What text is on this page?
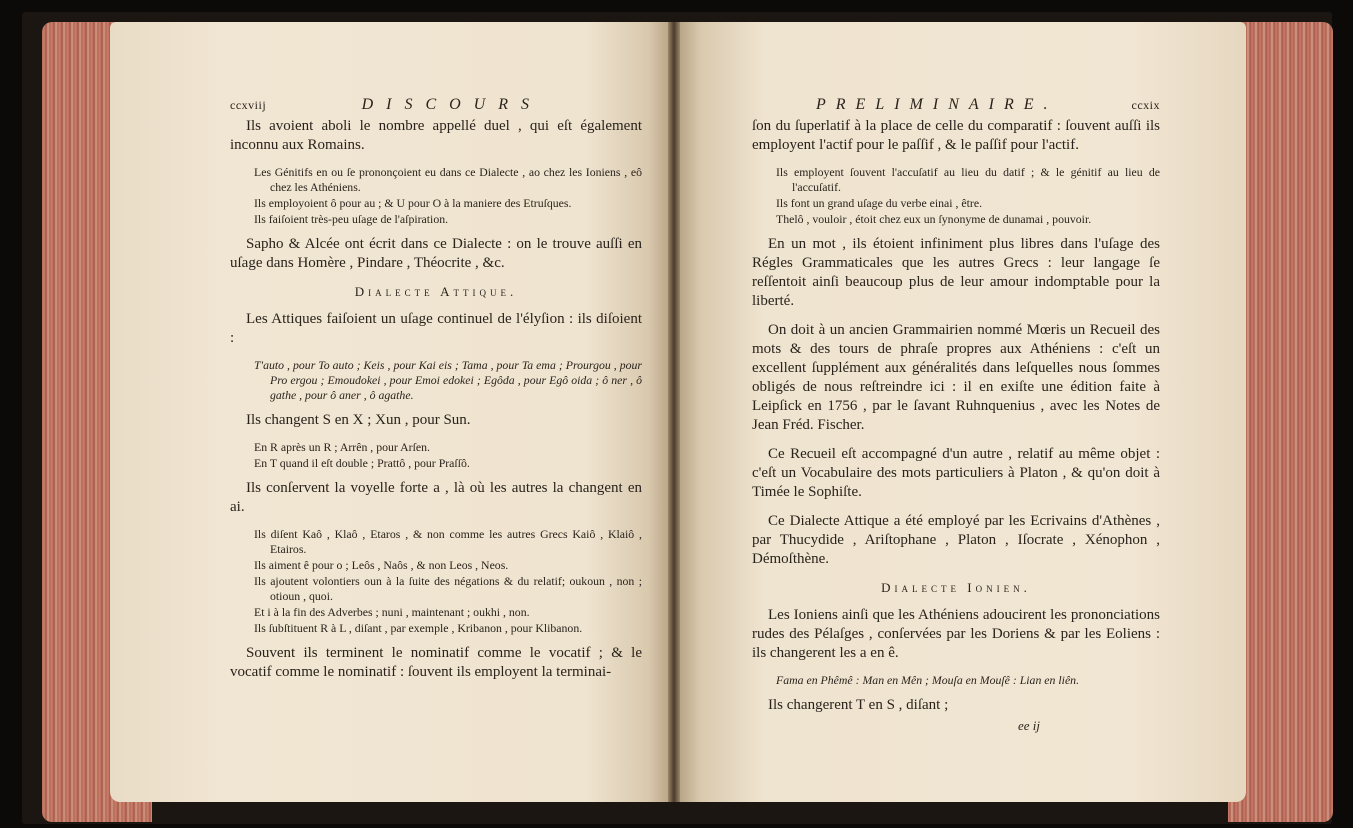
ccxviij	DISCOURS

Ils avoient aboli le nombre appellé duel , qui eſt également inconnu aux Romains.

Les Génitifs en ou ſe prononçoient eu dans ce Dialecte , ao chez les Ioniens , eô chez les Athéniens.

Ils employoient ô pour au ; & U pour O à la maniere des Etruſques.

Ils faiſoient très-peu uſage de l'aſpiration.

Sapho & Alcée ont écrit dans ce Dialecte : on le trouve auſſi en uſage dans Homère , Pindare , Théocrite , &c.

Dialecte Attique.

Les Attiques faiſoient un uſage continuel de l'élyſion : ils diſoient :

T'auto , pour To auto ; Keis , pour Kai eis ; Tama , pour Ta ema ; Prourgou , pour Pro ergou ; Emoudokei , pour Emoi edokei ; Egôda , pour Egô oida ; ô ner , ô gathe , pour ô aner , ô agathe.

Ils changent S en X ; Xun , pour Sun.

En R après un R ; Arrên , pour Arſen.

En T quand il eſt double ; Prattô , pour Praſſô.

Ils conſervent la voyelle forte a , là où les autres la changent en ai.

Ils diſent Kaô , Klaô , Etaros , & non comme les autres Grecs Kaiô , Klaiô , Etairos.

Ils aiment ê pour o ; Leôs , Naôs , & non Leos , Neos.

Ils ajoutent volontiers oun à la ſuite des négations & du relatif; oukoun , non ; otioun , quoi.

Et i à la fin des Adverbes ; nuni , maintenant ; oukhi , non.

Ils ſubſtituent R à L , diſant , par exemple , Kribanon , pour Klibanon.

Souvent ils terminent le nominatif comme le vocatif ; & le vocatif comme le nominatif : ſouvent ils employent la terminai-

PRELIMINAIRE.	ccxix

ſon du ſuperlatif à la place de celle du comparatif : ſouvent auſſi ils employent l'actif pour le paſſif , & le paſſif pour l'actif.

Ils employent ſouvent l'accuſatif au lieu du datif ; & le génitif au lieu de l'accuſatif.

Ils font un grand uſage du verbe einai , être.

Thelô , vouloir , étoit chez eux un ſynonyme de dunamai , pouvoir.

En un mot , ils étoient infiniment plus libres dans l'uſage des Régles Grammaticales que les autres Grecs : leur langage ſe reſſentoit ainſi beaucoup plus de leur amour indomptable pour la liberté.

On doit à un ancien Grammairien nommé Mœris un Recueil des mots & des tours de phraſe propres aux Athéniens : c'eſt un excellent ſupplément aux généralités dans leſquelles nous ſommes obligés de nous reſtreindre ici : il en exiſte une édition faite à Leipſick en 1756 , par le ſavant Ruhnquenius , avec les Notes de Jean Fréd. Fischer.

Ce Recueil eſt accompagné d'un autre , relatif au même objet : c'eſt un Vocabulaire des mots particuliers à Platon , & qu'on doit à Timée le Sophiſte.

Ce Dialecte Attique a été employé par les Ecrivains d'Athènes , par Thucydide , Ariſtophane , Platon , Iſocrate , Xénophon , Démoſthène.

Dialecte Ionien.

Les Ioniens ainſi que les Athéniens adoucirent les prononciations rudes des Pélaſges , conſervées par les Doriens & par les Eoliens : ils changerent les a en ê.

Fama en Phêmê : Man en Mên ; Mouſa en Mouſê : Lian en liên.

Ils changerent T en S , diſant ;

ee ij
